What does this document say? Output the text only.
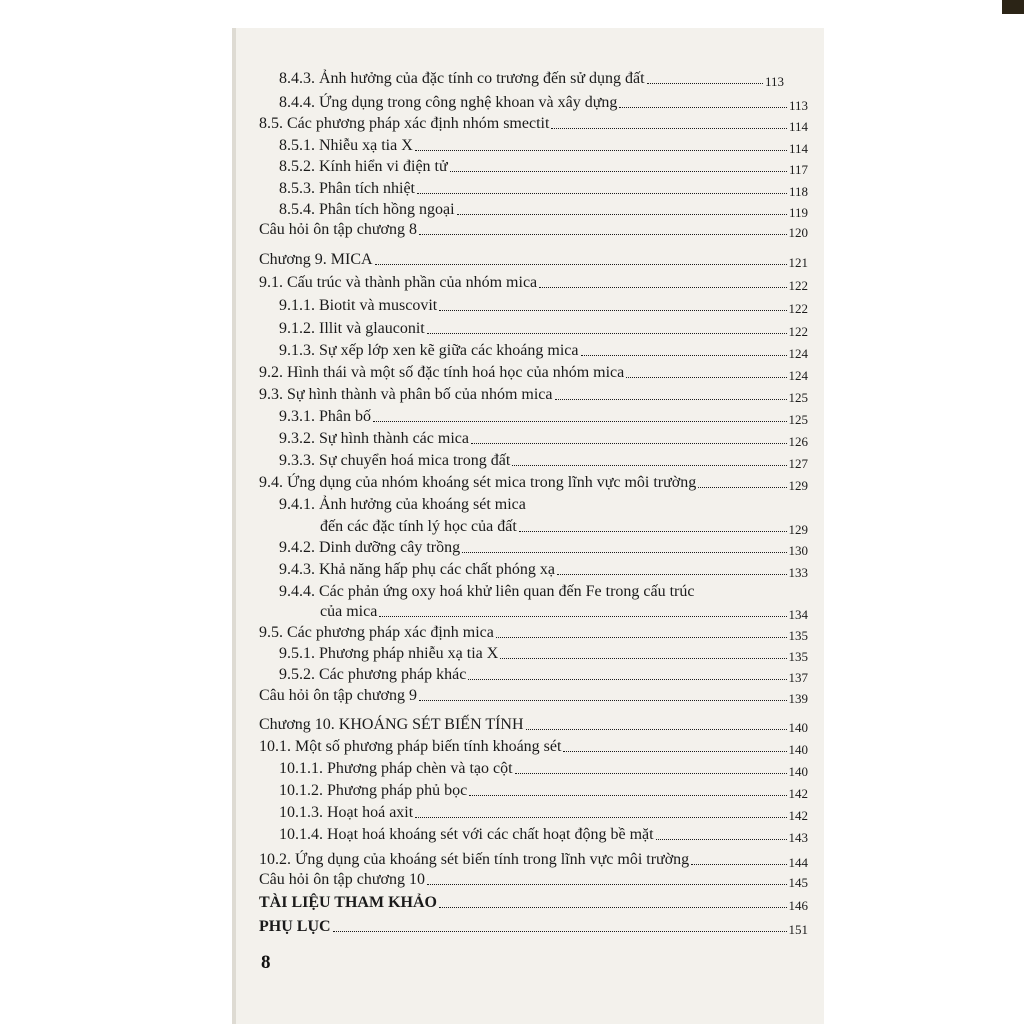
8.4.3. Ảnh hưởng của đặc tính co trương đến sử dụng đất	113
8.4.4. Ứng dụng trong công nghệ khoan và xây dựng	113
8.5. Các phương pháp xác định nhóm smectit	114
8.5.1. Nhiễu xạ tia X	114
8.5.2. Kính hiển vi điện tử	117
8.5.3. Phân tích nhiệt	118
8.5.4. Phân tích hồng ngoại	119
Câu hỏi ôn tập chương 8	120
Chương 9. MICA	121
9.1. Cấu trúc và thành phần của nhóm mica	122
9.1.1. Biotit và muscovit	122
9.1.2. Illit và glauconit	122
9.1.3. Sự xếp lớp xen kẽ giữa các khoáng mica	124
9.2. Hình thái và một số đặc tính hoá học của nhóm mica	124
9.3. Sự hình thành và phân bố của nhóm mica	125
9.3.1. Phân bố	125
9.3.2. Sự hình thành các mica	126
9.3.3. Sự chuyển hoá mica trong đất	127
9.4. Ứng dụng của nhóm khoáng sét mica trong lĩnh vực môi trường	129
9.4.1. Ảnh hưởng của khoáng sét mica
đến các đặc tính lý học của đất	129
9.4.2. Dinh dưỡng cây trồng	130
9.4.3. Khả năng hấp phụ các chất phóng xạ	133
9.4.4. Các phản ứng oxy hoá khử liên quan đến Fe trong cấu trúc
của mica	134
9.5. Các phương pháp xác định mica	135
9.5.1. Phương pháp nhiễu xạ tia X	135
9.5.2. Các phương pháp khác	137
Câu hỏi ôn tập chương 9	139
Chương 10. KHOÁNG SÉT BIẾN TÍNH	140
10.1. Một số phương pháp biến tính khoáng sét	140
10.1.1. Phương pháp chèn và tạo cột	140
10.1.2. Phương pháp phủ bọc	142
10.1.3. Hoạt hoá axit	142
10.1.4. Hoạt hoá khoáng sét với các chất hoạt động bề mặt	143
10.2. Ứng dụng của khoáng sét biến tính trong lĩnh vực môi trường	144
Câu hỏi ôn tập chương 10	145
TÀI LIỆU THAM KHẢO	146
PHỤ LỤC	151
8
